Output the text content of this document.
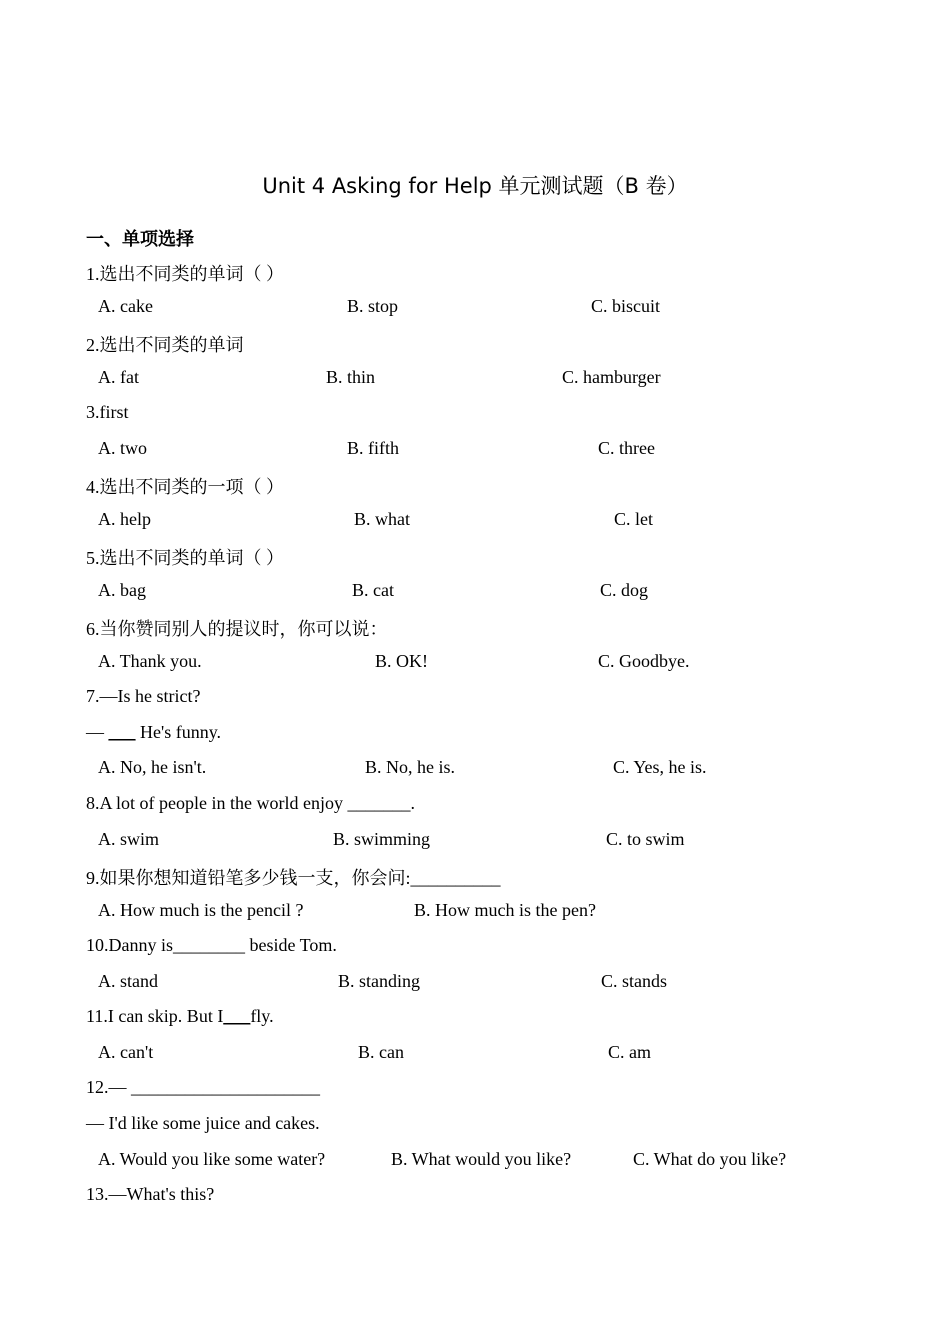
Unit 4 Asking for Help 单元测试题（B 卷）
一、单项选择
1.选出不同类的单词（ ）
A. cake	B. stop	C. biscuit
2.选出不同类的单词
A. fat	B. thin	C. hamburger
3.first
A. two	B. fifth	C. three
4.选出不同类的一项（ ）
A. help	B. what	C. let
5.选出不同类的单词（ ）
A. bag	B. cat	C. dog
6.当你赞同别人的提议时，你可以说：
A. Thank you.	B. OK!	C. Goodbye.
7.—Is he strict?
— ___ He's funny.
A. No, he isn't.	B. No, he is.	C. Yes, he is.
8.A lot of people in the world enjoy _______.
A. swim	B. swimming	C. to swim
9.如果你想知道铅笔多少钱一支，你会问:__________
A. How much is the pencil ?	B. How much is the pen?
10.Danny is________ beside Tom.
A. stand	B. standing	C. stands
11.I can skip. But I___fly.
A. can't	B. can	C. am
12.— _____________________
— I'd like some juice and cakes.
A. Would you like some water?	B. What would you like?	C. What do you like?
13.—What's this?
